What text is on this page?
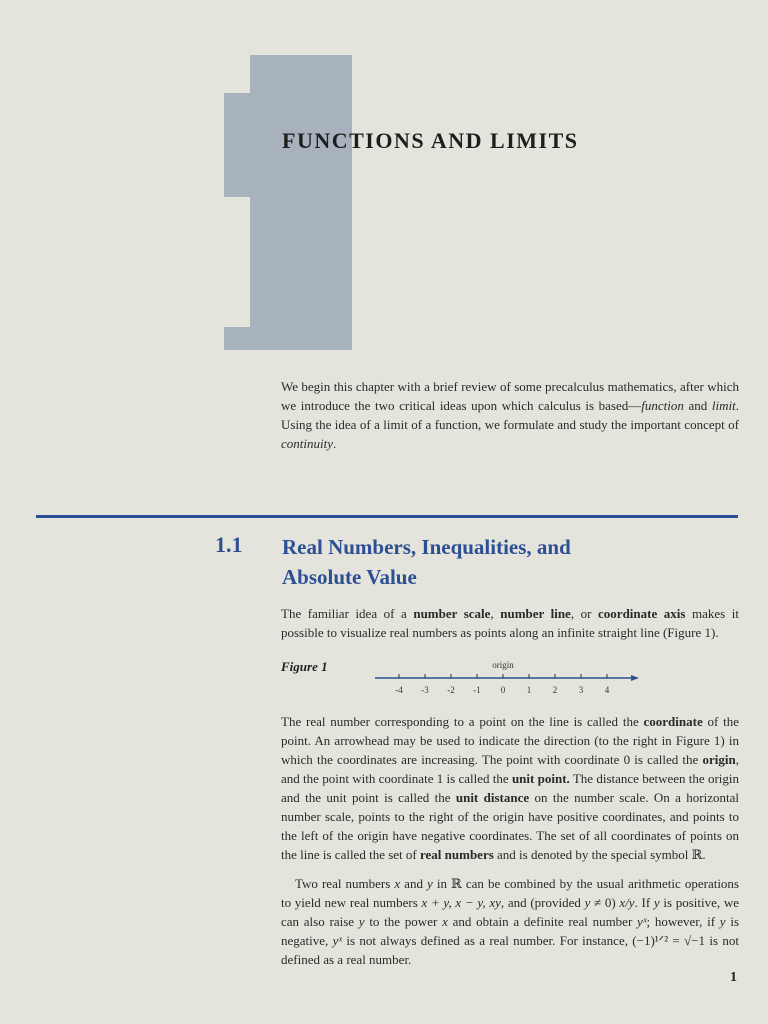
FUNCTIONS AND LIMITS

We begin this chapter with a brief review of some precalculus mathematics, after which we introduce the two critical ideas upon which calculus is based—function and limit. Using the idea of a limit of a function, we formulate and study the important concept of continuity.

1.1 Real Numbers, Inequalities, and
Absolute Value

The familiar idea of a number scale, number line, or coordinate axis makes it possible to visualize real numbers as points along an infinite straight line (Figure 1).

Figure 1	origin
-4 -3 -2 -1 0 1 2 3 4

The real number corresponding to a point on the line is called the coordinate of the point. An arrowhead may be used to indicate the direction (to the right in Figure 1) in which the coordinates are increasing. The point with coordinate 0 is called the origin, and the point with coordinate 1 is called the unit point. The distance between the origin and the unit point is called the unit distance on the number scale. On a horizontal number scale, points to the right of the origin have positive coordinates, and points to the left of the origin have negative coordinates. The set of all coordinates of points on the line is called the set of real numbers and is denoted by the special symbol ℝ.

Two real numbers x and y in ℝ can be combined by the usual arithmetic operations to yield new real numbers x + y, x − y, xy, and (provided y ≠ 0) x/y. If y is positive, we can also raise y to the power x and obtain a definite real number yˣ; however, if y is negative, yˣ is not always defined as a real number. For instance, (−1)¹ᐟ² = √−1 is not defined as a real number.

1
